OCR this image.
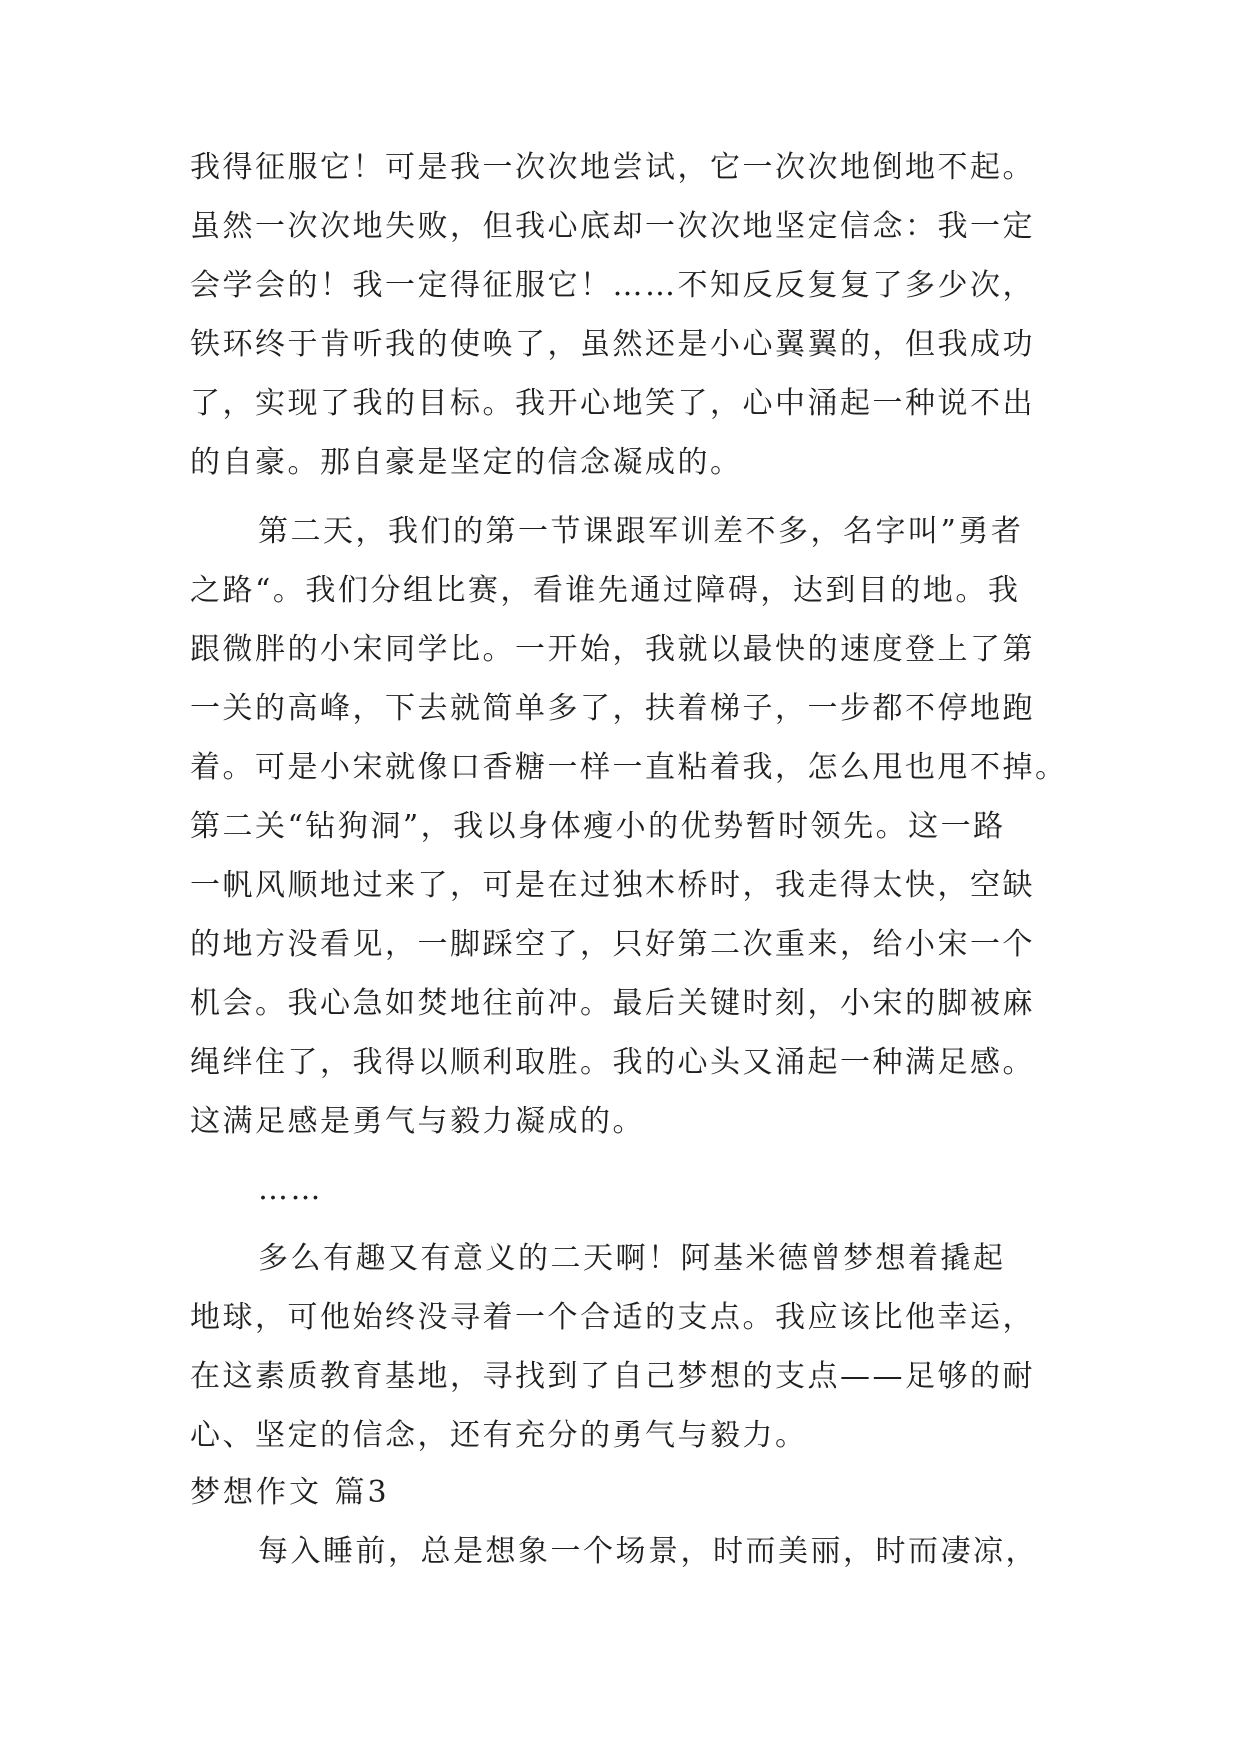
我得征服它！可是我一次次地尝试，它一次次地倒地不起。
虽然一次次地失败，但我心底却一次次地坚定信念：我一定
会学会的！我一定得征服它！……不知反反复复了多少次，
铁环终于肯听我的使唤了，虽然还是小心翼翼的，但我成功
了，实现了我的目标。我开心地笑了，心中涌起一种说不出
的自豪。那自豪是坚定的信念凝成的。
第二天，我们的第一节课跟军训差不多，名字叫”勇者
之路“。我们分组比赛，看谁先通过障碍，达到目的地。我
跟微胖的小宋同学比。一开始，我就以最快的速度登上了第
一关的高峰，下去就简单多了，扶着梯子，一步都不停地跑
着。可是小宋就像口香糖一样一直粘着我，怎么甩也甩不掉。
第二关“钻狗洞”，我以身体瘦小的优势暂时领先。这一路
一帆风顺地过来了，可是在过独木桥时，我走得太快，空缺
的地方没看见，一脚踩空了，只好第二次重来，给小宋一个
机会。我心急如焚地往前冲。最后关键时刻，小宋的脚被麻
绳绊住了，我得以顺利取胜。我的心头又涌起一种满足感。
这满足感是勇气与毅力凝成的。
……
多么有趣又有意义的二天啊！阿基米德曾梦想着撬起
地球，可他始终没寻着一个合适的支点。我应该比他幸运，
在这素质教育基地，寻找到了自己梦想的支点——足够的耐
心、坚定的信念，还有充分的勇气与毅力。
梦想作文 篇3
每入睡前，总是想象一个场景，时而美丽，时而凄凉，
